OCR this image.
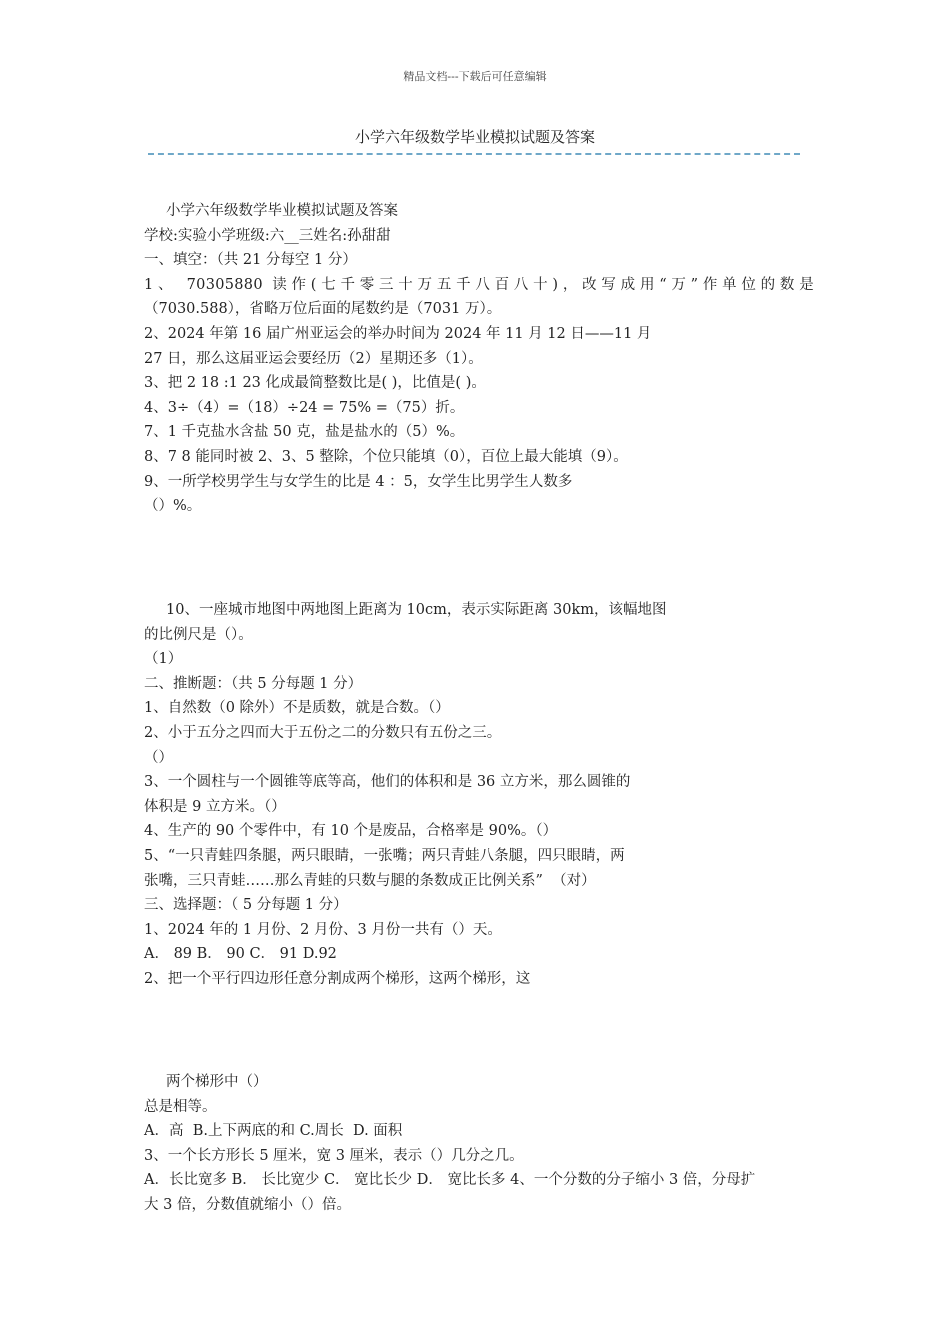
精品文档---下载后可任意编辑
小学六年级数学毕业模拟试题及答案
小学六年级数学毕业模拟试题及答案
学校:实验小学班级:六__三姓名:孙甜甜
一、填空：（共 21 分每空 1 分）
1、 70305880 读作(七千零三十万五千八百八十)，改写成用“万”作单位的数是
（7030.588），省略万位后面的尾数约是（7031 万）。
2、2024 年第 16 届广州亚运会的举办时间为 2024 年 11 月 12 日——11 月
27 日，那么这届亚运会要经历（2）星期还多（1）。
3、把 2 18 :1 23 化成最简整数比是( )，比值是( )。
4、3÷（4）=（18）÷24 = 75% =（75）折。
7、1 千克盐水含盐 50 克，盐是盐水的（5）%。
8、7 8 能同时被 2、3、5 整除，个位只能填（0），百位上最大能填（9）。
9、一所学校男学生与女学生的比是 4 ：5，女学生比男学生人数多
（）%。
10、一座城市地图中两地图上距离为 10cm，表示实际距离 30km，该幅地图
的比例尺是（）。
（1）
二、推断题：（共 5 分每题 1 分）
1、自然数（0 除外）不是质数，就是合数。（）
2、小于五分之四而大于五份之二的分数只有五份之三。
（）
3、一个圆柱与一个圆锥等底等高，他们的体积和是 36 立方米，那么圆锥的
体积是 9 立方米。（）
4、生产的 90 个零件中，有 10 个是废品，合格率是 90%。（）
5、“一只青蛙四条腿，两只眼睛，一张嘴；两只青蛙八条腿，四只眼睛，两
张嘴，三只青蛙……那么青蛙的只数与腿的条数成正比例关系”  （对）
三、选择题：（ 5 分每题 1 分）
1、2024 年的 1 月份、2 月份、3 月份一共有（）天。
A． 89 B． 90 C． 91 D.92
2、把一个平行四边形任意分割成两个梯形，这两个梯形，这
两个梯形中（）
总是相等。
A．高  B.上下两底的和 C.周长  D. 面积
3、一个长方形长 5 厘米，宽 3 厘米，表示（）几分之几。
A．长比宽多 B． 长比宽少 C． 宽比长少 D． 宽比长多 4、一个分数的分子缩小 3 倍，分母扩
大 3 倍，分数值就缩小（）倍。
